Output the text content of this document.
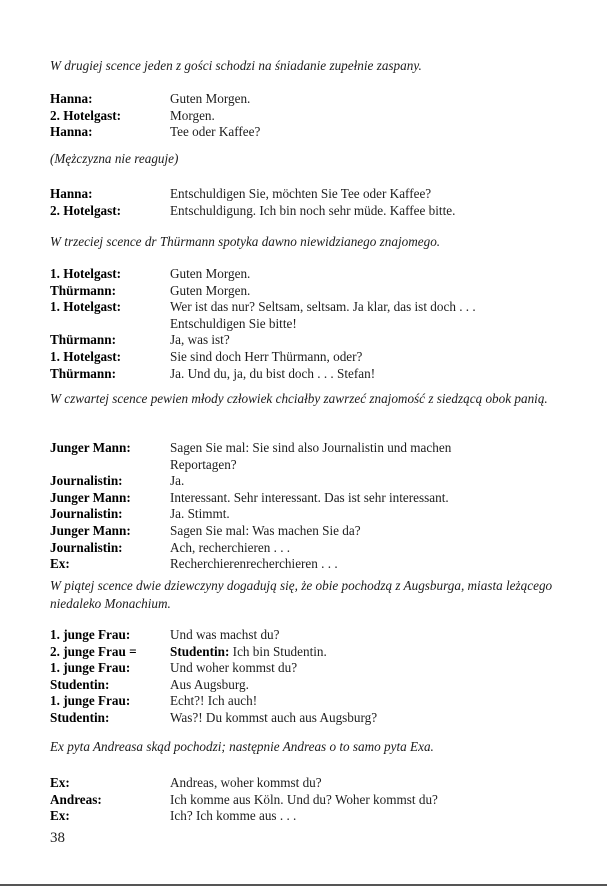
W drugiej scence jeden z gości schodzi na śniadanie zupełnie zaspany.
Hanna:	Guten Morgen.
2. Hotelgast:	Morgen.
Hanna:	Tee oder Kaffee?
(Mężczyzna nie reaguje)
Hanna:	Entschuldigen Sie, möchten Sie Tee oder Kaffee?
2. Hotelgast:	Entschuldigung. Ich bin noch sehr müde. Kaffee bitte.
W trzeciej scence dr Thürmann spotyka dawno niewidzianego znajomego.
1. Hotelgast:	Guten Morgen.
Thürmann:	Guten Morgen.
1. Hotelgast:	Wer ist das nur? Seltsam, seltsam. Ja klar, das ist doch . . .
Entschuldigen Sie bitte!
Thürmann:	Ja, was ist?
1. Hotelgast:	Sie sind doch Herr Thürmann, oder?
Thürmann:	Ja. Und du, ja, du bist doch . . . Stefan!
W czwartej scence pewien młody człowiek chciałby zawrzeć znajomość z siedzącą obok panią.
Junger Mann:	Sagen Sie mal: Sie sind also Journalistin und machen
Reportagen?
Journalistin:	Ja.
Junger Mann:	Interessant. Sehr interessant. Das ist sehr interessant.
Journalistin:	Ja. Stimmt.
Junger Mann:	Sagen Sie mal: Was machen Sie da?
Journalistin:	Ach, recherchieren . . .
Ex:	Recherchierenrecherchieren . . .
W piątej scence dwie dziewczyny dogadują się, że obie pochodzą z Augsburga, miasta leżącego niedaleko Monachium.
1. junge Frau:	Und was machst du?
2. junge Frau =	Studentin: Ich bin Studentin.
1. junge Frau:	Und woher kommst du?
Studentin:	Aus Augsburg.
1. junge Frau:	Echt?! Ich auch!
Studentin:	Was?! Du kommst auch aus Augsburg?
Ex pyta Andreasa skąd pochodzi; następnie Andreas o to samo pyta Exa.
Ex:	Andreas, woher kommst du?
Andreas:	Ich komme aus Köln. Und du? Woher kommst du?
Ex:	Ich? Ich komme aus . . .
38
